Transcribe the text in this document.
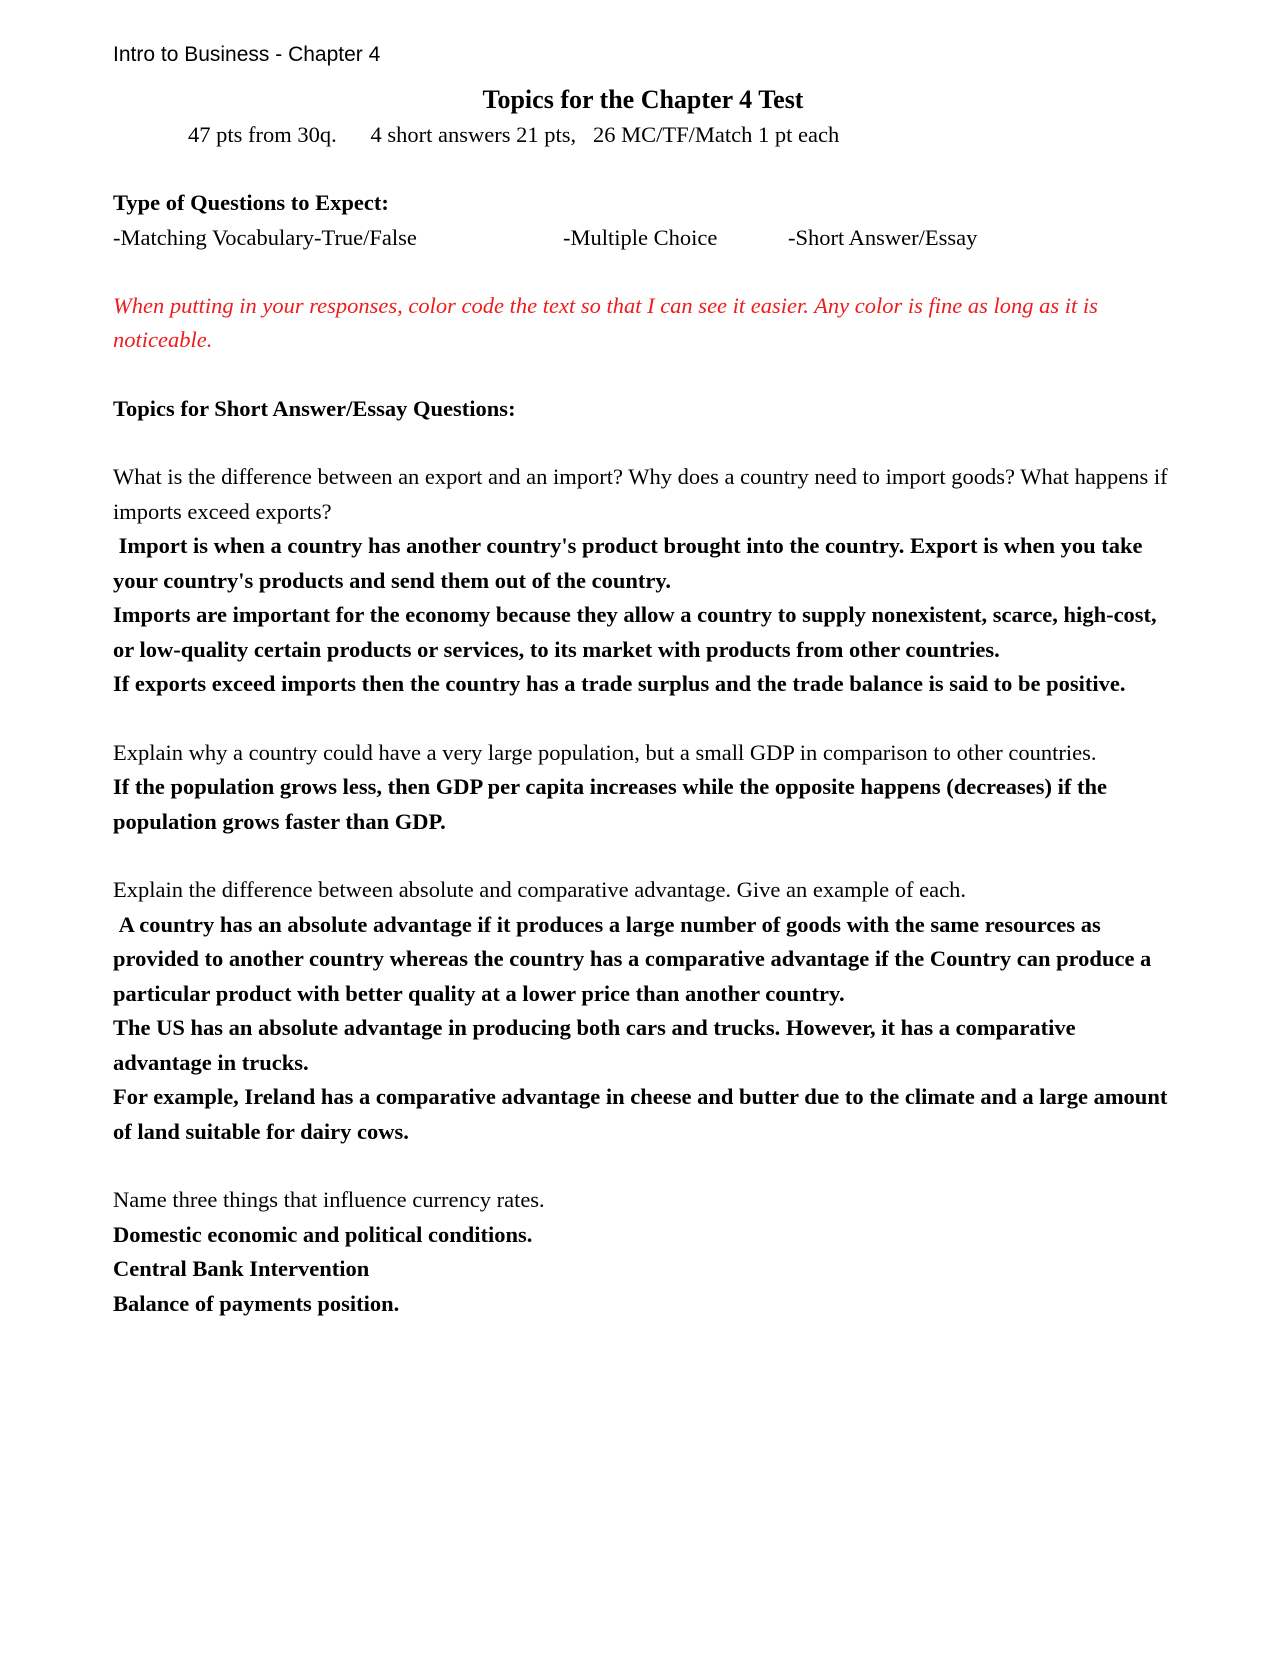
Intro to Business - Chapter 4
Topics for the Chapter 4 Test
47 pts from 30q.      4 short answers 21 pts,   26 MC/TF/Match 1 pt each

Type of Questions to Expect:

-Matching Vocabulary-True/False	-Multiple Choice	-Short Answer/Essay

When putting in your responses, color code the text so that I can see it easier. Any color is fine as long as it is noticeable.

Topics for Short Answer/Essay Questions:

What is the difference between an export and an import? Why does a country need to import goods? What happens if imports exceed exports?

Import is when a country has another country's product brought into the country. Export is when you take your country's products and send them out of the country.

Imports are important for the economy because they allow a country to supply nonexistent, scarce, high-cost, or low-quality certain products or services, to its market with products from other countries.

If exports exceed imports then the country has a trade surplus and the trade balance is said to be positive.

Explain why a country could have a very large population, but a small GDP in comparison to other countries.

If the population grows less, then GDP per capita increases while the opposite happens (decreases) if the population grows faster than GDP.

Explain the difference between absolute and comparative advantage. Give an example of each.

A country has an absolute advantage if it produces a large number of goods with the same resources as provided to another country whereas the country has a comparative advantage if the Country can produce a particular product with better quality at a lower price than another country.

The US has an absolute advantage in producing both cars and trucks. However, it has a comparative advantage in trucks.

For example, Ireland has a comparative advantage in cheese and butter due to the climate and a large amount of land suitable for dairy cows.

Name three things that influence currency rates.

Domestic economic and political conditions.

Central Bank Intervention

Balance of payments position.
